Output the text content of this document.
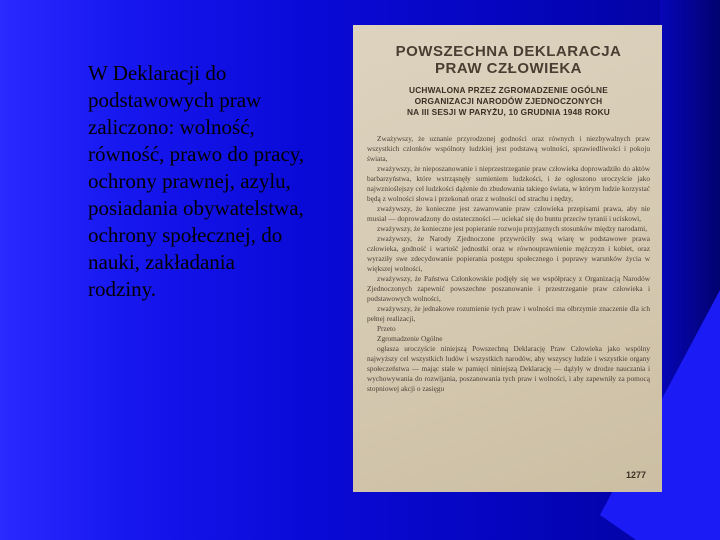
W Deklaracji do podstawowych praw zaliczono: wolność, równość, prawo do pracy, ochrony prawnej, azylu, posiadania obywatelstwa, ochrony społecznej, do nauki, zakładania rodziny.
POWSZECHNA DEKLARACJA
PRAW CZŁOWIEKA
UCHWALONA PRZEZ ZGROMADZENIE OGÓLNE
ORGANIZACJI NARODÓW ZJEDNOCZONYCH
NA III SESJI W PARYŻU, 10 GRUDNIA 1948 ROKU

Zważywszy, że uznanie przyrodzonej godności oraz równych i niezbywalnych praw wszystkich członków wspólnoty ludzkiej jest podstawą wolności, sprawiedliwości i pokoju świata,

zważywszy, że nieposzanowanie i nieprzestrzeganie praw człowieka doprowadziło do aktów barbarzyństwa, które wstrząsnęły sumieniem ludzkości, i że ogłoszono uroczyście jako najwznioślejszy cel ludzkości dążenie do zbudowania takiego świata, w którym ludzie korzystać będą z wolności słowa i przekonań oraz z wolności od strachu i nędzy,

zważywszy, że konieczne jest zawarowanie praw człowieka przepisami prawa, aby nie musiał — doprowadzony do ostateczności — uciekać się do buntu przeciw tyranii i uciskowi,

zważywszy, że konieczne jest popieranie rozwoju przyjaznych stosunków między narodami,

zważywszy, że Narody Zjednoczone przywróciły swą wiarę w podstawowe prawa człowieka, godność i wartość jednostki oraz w równouprawnienie mężczyzn i kobiet, oraz wyraziły swe zdecydowanie popierania postępu społecznego i poprawy warunków życia w większej wolności,

zważywszy, że Państwa Członkowskie podjęły się we współpracy z Organizacją Narodów Zjednoczonych zapewnić powszechne poszanowanie i przestrzeganie praw człowieka i podstawowych wolności,

zważywszy, że jednakowe rozumienie tych praw i wolności ma olbrzymie znaczenie dla ich pełnej realizacji,

Przeto

Zgromadzenie Ogólne

ogłasza uroczyście niniejszą Powszechną Deklarację Praw Człowieka jako wspólny najwyższy cel wszystkich ludów i wszystkich narodów, aby wszyscy ludzie i wszystkie organy społeczeństwa — mając stale w pamięci niniejszą Deklarację — dążyły w drodze nauczania i wychowywania do rozwijania, poszanowania tych praw i wolności, i aby zapewniły za pomocą stopniowej akcji o zasięgu

1277
